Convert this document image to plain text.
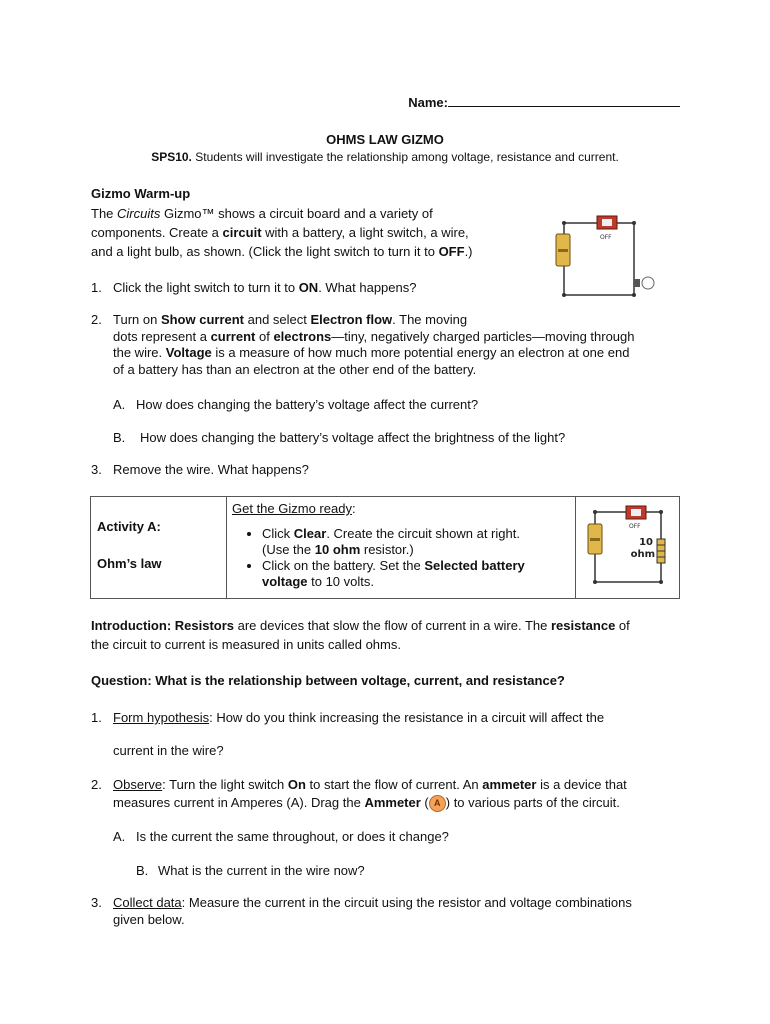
Name:
OHMS LAW GIZMO
SPS10. Students will investigate the relationship among voltage, resistance and current.
Gizmo Warm-up
The Circuits Gizmo™ shows a circuit board and a variety of
components. Create a circuit with a battery, a light switch, a wire,
and a light bulb, as shown. (Click the light switch to turn it to OFF.)
OFF
1. Click the light switch to turn it to ON. What happens?
2. Turn on Show current and select Electron flow. The moving
dots represent a current of electrons—tiny, negatively charged particles—moving through
the wire. Voltage is a measure of how much more potential energy an electron at one end
of a battery has than an electron at the other end of the battery.
A. How does changing the battery’s voltage affect the current?
B. How does changing the battery’s voltage affect the brightness of the light?
3. Remove the wire. What happens?
Activity A:
Ohm’s law

Get the Gizmo ready:
• Click Clear. Create the circuit shown at right.
(Use the 10 ohm resistor.)
• Click on the battery. Set the Selected battery
voltage to 10 volts.

OFF
10
ohm
Introduction: Resistors are devices that slow the flow of current in a wire. The resistance of
the circuit to current is measured in units called ohms.
Question: What is the relationship between voltage, current, and resistance?
1. Form hypothesis: How do you think increasing the resistance in a circuit will affect the
current in the wire?
2. Observe: Turn the light switch On to start the flow of current. An ammeter is a device that
measures current in Amperes (A). Drag the Ammeter ( A ) to various parts of the circuit.
A. Is the current the same throughout, or does it change?
B. What is the current in the wire now?
3. Collect data: Measure the current in the circuit using the resistor and voltage combinations
given below.
